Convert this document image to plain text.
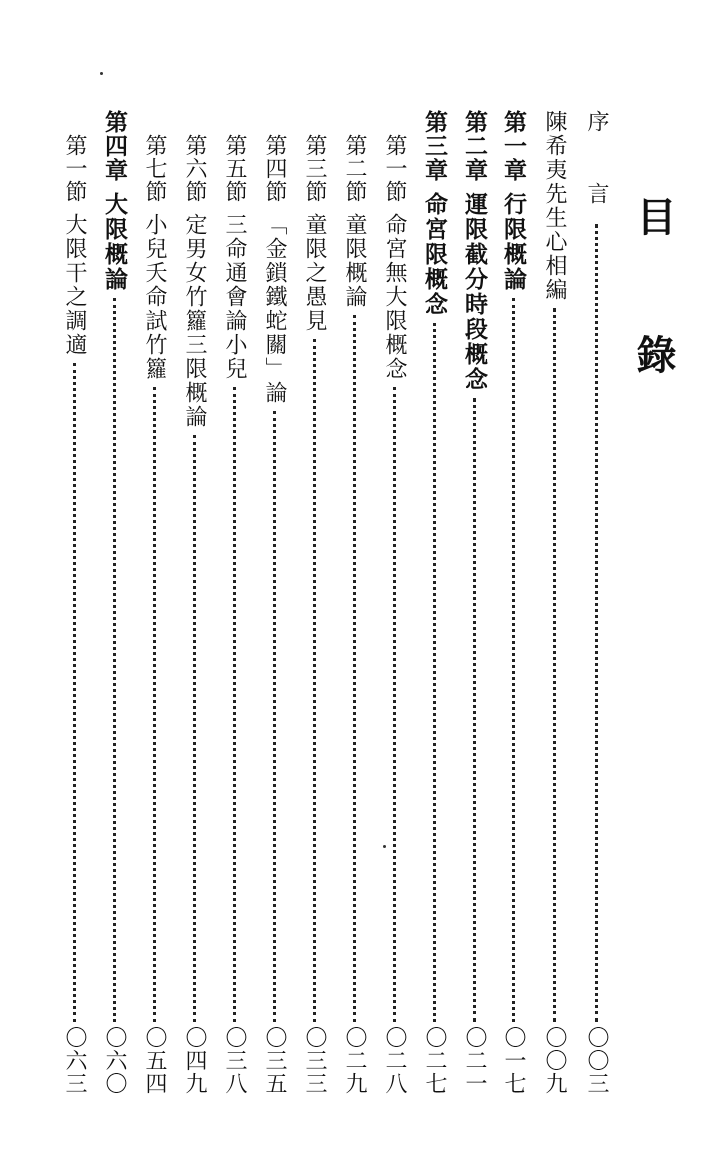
目 錄
序　言
〇〇三
陳希夷先生心相編
〇〇九
第一章
行限概論
〇一七
第二章
運限截分時段概念
〇二一
第三章
命宮限概念
〇二七
第一節
命宮無大限概念
〇二八
第二節
童限概論
〇二九
第三節
童限之愚見
〇三三
第四節
「金鎖鐵蛇關」論
〇三五
第五節
三命通會論小兒
〇三八
第六節
定男女竹籮三限概論
〇四九
第七節
小兒夭命試竹籮
〇五四
第四章
大限概論
〇六〇
第一節
大限干之調適
〇六三
